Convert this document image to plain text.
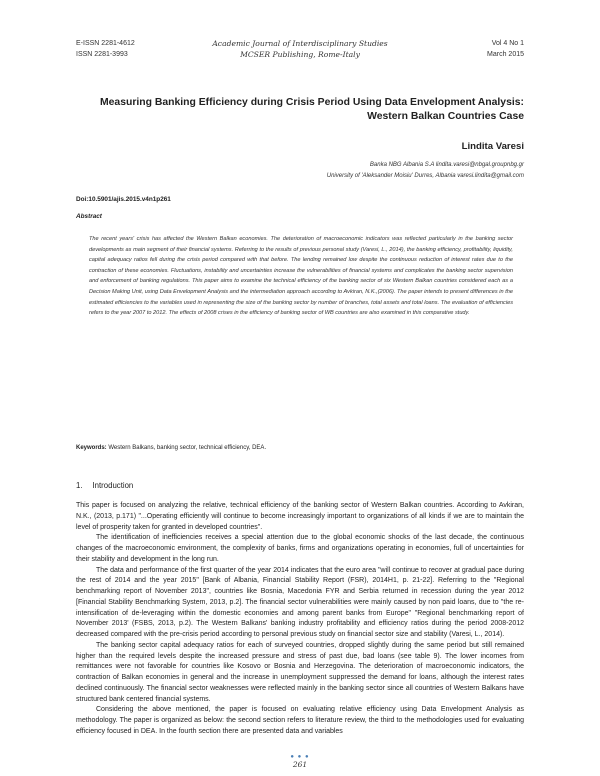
E-ISSN 2281-4612
ISSN 2281-3993
Academic Journal of Interdisciplinary Studies
MCSER Publishing, Rome-Italy
Vol 4 No 1
March 2015
Measuring Banking Efficiency during Crisis Period Using Data Envelopment Analysis: Western Balkan Countries Case
Lindita Varesi
Banka NBG Albania S.A lindita.varesi@nbgal.groupnbg.gr
University of 'Aleksander Moisiu' Durres, Albania varesi.lindita@gmail.com
Doi:10.5901/ajis.2015.v4n1p261
Abstract
The recent years' crisis has affected the Western Balkan economies. The deterioration of macroeconomic indicators was reflected particularly in the banking sector developments as main segment of their financial systems. Referring to the results of previous personal study (Varesi, L., 2014), the banking efficiency, profitability, liquidity, capital adequacy ratios fell during the crisis period compared with that before. The lending remained low despite the continuous reduction of interest rates due to the contraction of these economies. Fluctuations, instability and uncertainties increase the vulnerabilities of financial systems and complicates the banking sector supervision and enforcement of banking regulations. This paper aims to examine the technical efficiency of the banking sector of six Western Balkan countries considered each as a Decision Making Unit, using Data Envelopment Analysis and the intermediation approach according to Avkiran, N.K.,(2006). The paper intends to present differences in the estimated efficiencies to the variables used in representing the size of the banking sector by number of branches, total assets and total loans. The evaluation of efficiencies refers to the year 2007 to 2012. The effects of 2008 crises in the efficiency of banking sector of WB countries are also examined in this comparative study.
Keywords: Western Balkans, banking sector, technical efficiency, DEA.
1. Introduction

This paper is focused on analyzing the relative, technical efficiency of the banking sector of Western Balkan countries. According to Avkiran, N.K., (2013, p.171) "...Operating efficiently will continue to become increasingly important to organizations of all kinds if we are to maintain the level of prosperity taken for granted in developed countries".

The identification of inefficiencies receives a special attention due to the global economic shocks of the last decade, the continuous changes of the macroeconomic environment, the complexity of banks, firms and organizations operating in economies, full of uncertainties for their stability and development in the long run.

The data and performance of the first quarter of the year 2014 indicates that the euro area "will continue to recover at gradual pace during the rest of 2014 and the year 2015" [Bank of Albania, Financial Stability Report (FSR), 2014H1, p. 21-22]. Referring to the "Regional benchmarking report of November 2013", countries like Bosnia, Macedonia FYR and Serbia returned in recession during the year 2012 [Financial Stability Benchmarking System, 2013, p.2]. The financial sector vulnerabilities were mainly caused by non paid loans, due to "the re-intensification of de-leveraging within the domestic economies and among parent banks from Europe" "Regional benchmarking report of November 2013' (FSBS, 2013, p.2). The Western Balkans' banking industry profitability and efficiency ratios during the period 2008-2012 decreased compared with the pre-crisis period according to personal previous study on financial sector size and stability (Varesi, L., 2014).

The banking sector capital adequacy ratios for each of surveyed countries, dropped slightly during the same period but still remained higher than the required levels despite the increased pressure and stress of past due, bad loans (see table 9). The lower incomes from remittances were not favorable for countries like Kosovo or Bosnia and Herzegovina. The deterioration of macroeconomic indicators, the contraction of Balkan economies in general and the increase in unemployment suppressed the demand for loans, although the interest rates declined continuously. The financial sector weaknesses were reflected mainly in the banking sector since all countries of Western Balkans have structured bank centered financial systems.

Considering the above mentioned, the paper is focused on evaluating relative efficiency using Data Envelopment Analysis as methodology. The paper is organized as below: the second section refers to literature review, the third to the methodologies used for evaluating efficiency focused in DEA. In the fourth section there are presented data and variables

● ● ●
261
